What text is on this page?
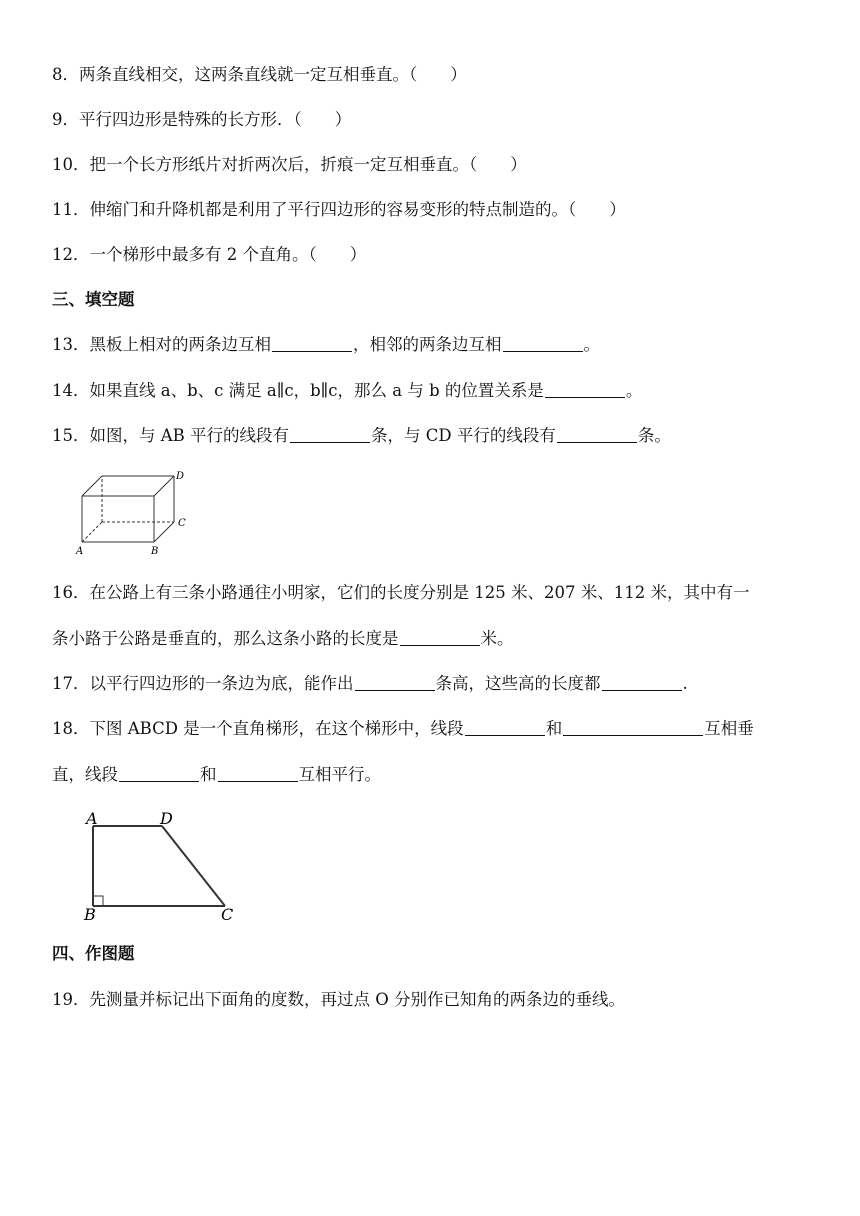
8．两条直线相交，这两条直线就一定互相垂直。（　　）
9．平行四边形是特殊的长方形．（　　）
10．把一个长方形纸片对折两次后，折痕一定互相垂直。（　　）
11．伸缩门和升降机都是利用了平行四边形的容易变形的特点制造的。（　　）
12．一个梯形中最多有 2 个直角。（　　）
三、填空题
13．黑板上相对的两条边互相	，相邻的两条边互相	。
14．如果直线 a、b、c 满足 a∥c，b∥c，那么 a 与 b 的位置关系是	。
15．如图，与 AB 平行的线段有	条，与 CD 平行的线段有	条。
A	B
C
D
16．在公路上有三条小路通往小明家，它们的长度分别是 125 米、207 米、112 米，其中有一
条小路于公路是垂直的，那么这条小路的长度是	米。
17．以平行四边形的一条边为底，能作出	条高，这些高的长度都	.
18．下图 ABCD 是一个直角梯形，在这个梯形中，线段	和	互相垂
直，线段	和	互相平行。
A	D
B	C
四、作图题
19．先测量并标记出下面角的度数，再过点 O 分别作已知角的两条边的垂线。
